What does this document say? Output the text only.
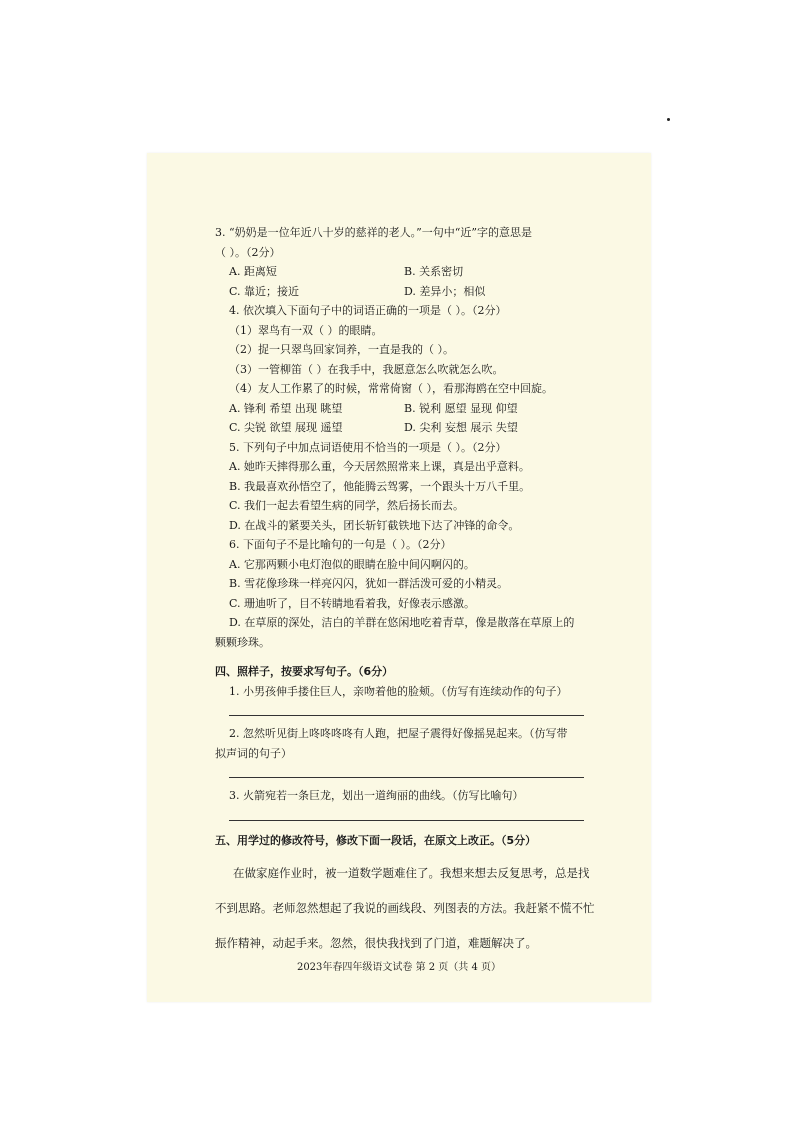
3. “奶奶是一位年近八十岁的慈祥的老人。”一句中“近”字的意思是
（ ）。（2分）
A. 距离短	B. 关系密切
C. 靠近；接近	D. 差异小；相似
4. 依次填入下面句子中的词语正确的一项是（ ）。（2分）
（1）翠鸟有一双（ ）的眼睛。
（2）捉一只翠鸟回家饲养，一直是我的（ ）。
（3）一管柳笛（ ）在我手中，我愿意怎么吹就怎么吹。
（4）友人工作累了的时候，常常倚窗（ ），看那海鸥在空中回旋。
A. 锋利 希望 出现 眺望	B. 锐利 愿望 显现 仰望
C. 尖锐 欲望 展现 遥望	D. 尖利 妄想 展示 失望
5. 下列句子中加点词语使用不恰当的一项是（ ）。（2分）
A. 她昨天摔得那么重，今天居然照常来上课，真是出乎意料。
B. 我最喜欢孙悟空了，他能腾云驾雾，一个跟头十万八千里。
C. 我们一起去看望生病的同学，然后扬长而去。
D. 在战斗的紧要关头，团长斩钉截铁地下达了冲锋的命令。
6. 下面句子不是比喻句的一句是（ ）。（2分）
A. 它那两颗小电灯泡似的眼睛在脸中间闪啊闪的。
B. 雪花像珍珠一样亮闪闪，犹如一群活泼可爱的小精灵。
C. 珊迪听了，目不转睛地看着我，好像表示感激。
D. 在草原的深处，洁白的羊群在悠闲地吃着青草，像是散落在草原上的
颗颗珍珠。
四、照样子，按要求写句子。（6分）
1. 小男孩伸手搂住巨人，亲吻着他的脸颊。（仿写有连续动作的句子）
2. 忽然听见街上咚咚咚咚有人跑，把屋子震得好像摇晃起来。（仿写带
拟声词的句子）
3. 火箭宛若一条巨龙，划出一道绚丽的曲线。（仿写比喻句）
五、用学过的修改符号，修改下面一段话，在原文上改正。（5分）
在做家庭作业时，被一道数学题难住了。我想来想去反复思考，总是找
不到思路。老师忽然想起了我说的画线段、列图表的方法。我赶紧不慌不忙
振作精神，动起手来。忽然，很快我找到了门道，难题解决了。
2023年春四年级语文试卷 第 2 页（共 4 页）
